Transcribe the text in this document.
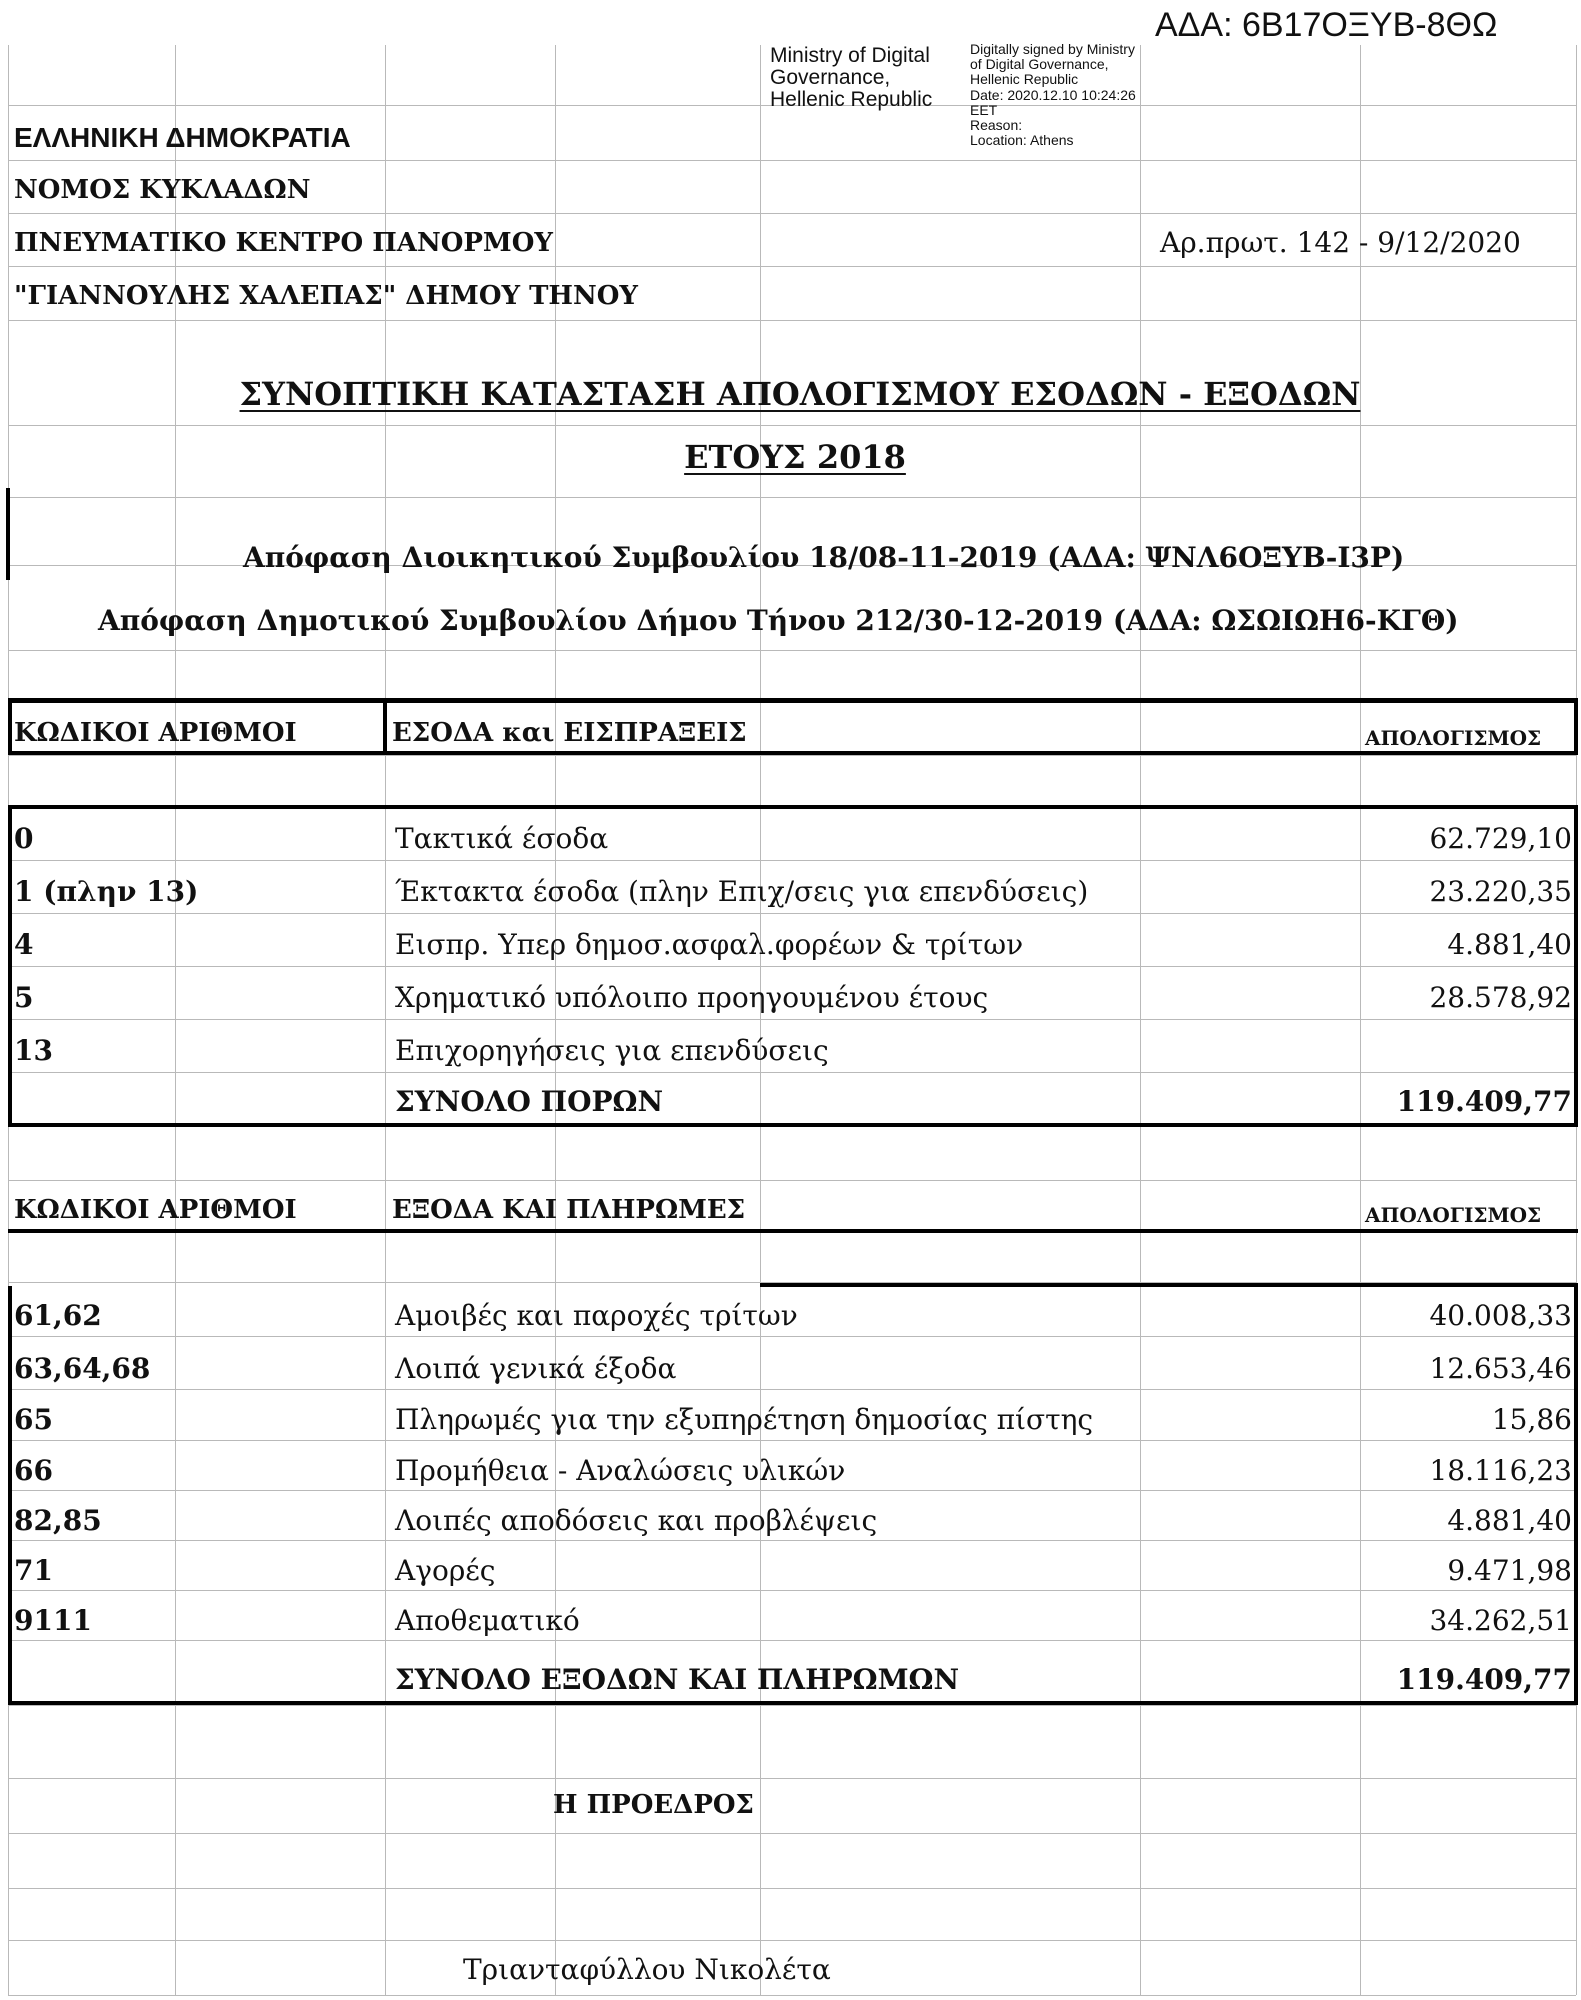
ΑΔΑ: 6Β17ΟΞΥΒ-8ΘΩ
Ministry of Digital
Governance,
Hellenic Republic
Digitally signed by Ministry
of Digital Governance,
Hellenic Republic
Date: 2020.12.10 10:24:26
EET
Reason:
Location: Athens
ΕΛΛΗΝΙΚΗ ΔΗΜΟΚΡΑΤΙΑ
ΝΟΜΟΣ ΚΥΚΛΑΔΩΝ
ΠΝΕΥΜΑΤΙΚΟ ΚΕΝΤΡΟ ΠΑΝΟΡΜΟΥ	Αρ.πρωτ. 142 - 9/12/2020
"ΓΙΑΝΝΟΥΛΗΣ ΧΑΛΕΠΑΣ" ΔΗΜΟΥ ΤΗΝΟΥ
ΣΥΝΟΠΤΙΚΗ ΚΑΤΑΣΤΑΣΗ ΑΠΟΛΟΓΙΣΜΟΥ ΕΣΟΔΩΝ - ΕΞΟΔΩΝ
ΕΤΟΥΣ 2018
Απόφαση Διοικητικού Συμβουλίου 18/08-11-2019 (ΑΔΑ: ΨΝΛ6ΟΞΥΒ-Ι3Ρ)
Απόφαση Δημοτικού Συμβουλίου Δήμου Τήνου 212/30-12-2019 (ΑΔΑ: ΩΣΩΙΩΗ6-ΚΓΘ)
ΚΩΔΙΚΟΙ ΑΡΙΘΜΟΙ	ΕΣΟΔΑ και ΕΙΣΠΡΑΞΕΙΣ	ΑΠΟΛΟΓΙΣΜΟΣ
0	Τακτικά έσοδα	62.729,10
1 (πλην 13)	Έκτακτα έσοδα (πλην Επιχ/σεις για επενδύσεις)	23.220,35
4	Εισπρ. Υπερ δημοσ.ασφαλ.φορέων & τρίτων	4.881,40
5	Χρηματικό υπόλοιπο προηγουμένου έτους	28.578,92
13	Επιχορηγήσεις για επενδύσεις
ΣΥΝΟΛΟ ΠΟΡΩΝ	119.409,77
ΚΩΔΙΚΟΙ ΑΡΙΘΜΟΙ	ΕΞΟΔΑ ΚΑΙ ΠΛΗΡΩΜΕΣ	ΑΠΟΛΟΓΙΣΜΟΣ
61,62	Αμοιβές και παροχές τρίτων	40.008,33
63,64,68	Λοιπά γενικά έξοδα	12.653,46
65	Πληρωμές για την εξυπηρέτηση δημοσίας πίστης	15,86
66	Προμήθεια - Αναλώσεις υλικών	18.116,23
82,85	Λοιπές αποδόσεις και προβλέψεις	4.881,40
71	Αγορές	9.471,98
9111	Αποθεματικό	34.262,51
ΣΥΝΟΛΟ ΕΞΟΔΩΝ ΚΑΙ ΠΛΗΡΩΜΩΝ	119.409,77
Η ΠΡΟΕΔΡΟΣ
Τριανταφύλλου Νικολέτα
